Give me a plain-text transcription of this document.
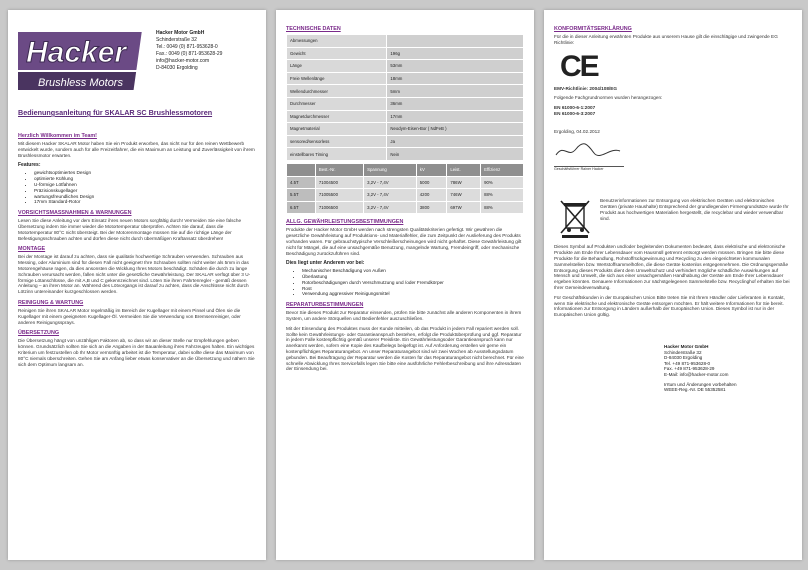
Hacker
Brushless Motors
Hacker Motor GmbH
Schinderstraße 32
Tel.: 0049 (0) 871-953628-0
Fax.: 0049 (0) 871-953628-29
info@hacker-motor.com
D-84030 Ergolding
Bedienungsanleitung für SKALAR SC Brushlessmotoren
Herzlich Willkommen im Team!
Mit diesem Hacker SKALAR Motor haben Sie ein Produkt erworben, das nicht nur für den reinen Wettbewerb entwickelt wurde, sondern auch für alle Freizeitfahrer, die ein Maximum an Leistung und Zuverlässigkeit von ihrem Brushlessmotor erwarten.
Features:
• gewichtsoptimiertes Design
• optimierte Kühlung
• U-förmige Lötfahnen
• Präzisionskugellager
• wartungsfreundliches Design
• 17mm Standard-Rotor
VORSICHTSMASSNAHMEN & WARNUNGEN
Lesen Sie diese Anleitung vor dem Einsatz ihres neuen Motors sorgfältig durch! Vermeiden Sie eine falsche Übersetzung indem Sie immer wieder die Motortemperatur überprüfen. Achten Sie darauf, dass die Motortemperatur 80°C nicht übersteigt. Bei der Motorenmontage müssen Sie auf die richtige Länge der Befestigungsschrauben achten und dürfen diese nicht durch übermäßigen Kraftansatz überdrehen!
MONTAGE
Bei der Montage ist darauf zu achten, dass sie qualitativ hochwertige Schrauben verwenden. Schrauben aus Messing, oder Aluminium sind für diesen Fall nicht geeignet! Ihre Schrauben sollten nicht weiter als 5mm in das Motorengehäuse ragen, da dies ansonsten die Wicklung Ihres Motors beschädigt. Schäden die durch zu lange Schrauben verursacht werden, fallen nicht unter die gesetzliche Gewährleistung. Der SKALAR verfügt über 3 U-förmige Lötanschlüsse, die mit A,B und C gekennzeichnet sind. Löten Sie ihren Fahrtenregler - gemäß dessen Anleitung – an ihren Motor an. Während des Lötvorgangs ist darauf zu achten, dass die Anschlüsse nicht durch Lötzinn untereinander kurzgeschlossen werden.
REINIGUNG & WARTUNG
Reinigen Sie ihren SKALAR Motor regelmäßig im Bereich der Kugellager mit einem Pinsel und Ölen sie die Kugellager mit einem geeigneten Kugellager-Öl. Vermeiden Sie die Verwendung von Bremsenreiniger, oder anderen Reinigungssprays.
ÜBERSETZUNG
Die Übersetzung hängt von unzähligen Faktoren ab, so dass wir an dieser Stelle nur Empfehlungen geben können. Grundsätzlich sollten Sie sich an die Angaben in der Bauanleitung ihres Fahrzeuges halten. Ein wichtiges Kriterium um festzustellen ob Ihr Motor vernünftig arbeitet ist die Temperatur, dabei sollte diese das Maximum von 80°C niemals überschreiten. Gehen Sie am Anfang lieber etwas konservativer an die Übersetzung und nähern Sie sich dem Optimum langsam an.
TECHNISCHE DATEN
Abmessungen	
Gewicht	196g
Länge	53mm
Freie Wellenlänge	18mm
Wellendurchmesser	5mm
Durchmesser	36mm
Magnetdurchmesser	17mm
Magnetmaterial	Neodym-Eisen-Bor ( NdFeB )
sensored/sensorless	Ja
einstellbares Timing	Nein
	Best.-Nr.	Spannung	kV	Leist.	Effizienz
4.5T	71004500	3,2V - 7,4V	5000	786W	90%
5.5T	71005500	3,2V - 7,4V	4200	746W	88%
6.5T	71006500	3,2V - 7,4V	3800	697W	88%
ALLG. GEWÄHRLEISTUNGSBESTIMMUNGEN
Produkte der Hacker Motor GmbH werden nach strengsten Qualitätskriterien gefertigt. Wir gewähren die gesetzliche Gewährleistung auf Produktions- und Materialfehler, die zum Zeitpunkt der Auslieferung des Produkts vorhanden waren. Für gebrauchstypische Verschleißerscheinungen wird nicht gehaftet. Diese Gewährleistung gilt nicht für Mängel, die auf eine unsachgemäße Benutzung, mangelnde Wartung, Fremdeingriff, oder mechanische Beschädigung zurückzuführen sind.
Dies liegt unter Anderem vor bei:
• Mechanischer Beschädigung von Außen
• Überlastung
• Rotorbeschädigungen durch Verschmutzung und /oder Fremdkörper
• Rost
• Verwendung aggressiver Reinigungsmittel
REPARATURBESTIMMUNGEN
Bevor Sie dieses Produkt zur Reparatur einsenden, prüfen Sie bitte zunächst alle anderen Komponenten in ihrem System, um andere Störquellen und Bedienfehler auszuschließen.
Mit der Einsendung des Produktes muss der Kunde mitteilen, ob das Produkt in jedem Fall repariert werden soll. Sollte kein Gewährleistungs- oder Garantieanspruch bestehen, erfolgt die Produktüberprüfung und ggf. Reparatur in jedem Falle kostenpflichtig gemäß unserer Preisliste. Ein Gewährleistungsoder Garantieanspruch kann nur anerkannt werden, sofern eine Kopie des Kaufbelegs beigefügt ist. Auf Anforderung erstellen wir gerne ein kostenpflichtiges Reparaturangebot. An unser Reparaturangebot sind wir zwei Wochen ab Ausstellungsdatum gebunden. Bei Beauftragung der Reparatur werden die Kosten für das Reparaturangebot nicht berechnet. Für eine schnelle Abwicklung Ihres Servicefalls legen Sie bitte eine ausführliche Fehlerbeschreibung und ihre Adressdaten der Einsendung bei.
KONFORMITÄTSERKLÄRUNG
Für die in dieser Anleitung erwähnten Produkte aus unserem Hause gilt die einschlägige und zwingende EG Richtlinie:
CE
EMV-Richtlinie: 2004/108/EG
Folgende Fachgrundnormen wurden herangezogen:
EN 61000-6-1:2007
EN 61000-6-3:2007
Ergolding, 04.02.2012
Geschäftsführer Rainer Hacker
Benutzerinformationen zur Entsorgung von elektrischen Geräten und elektronischen Geräten (private Haushalte) Entsprechend der grundlegenden Firmengrundsätze wurde Ihr Produkt aus hochwertigen Materialien hergestellt, die recyclebar und wieder verwendbar sind.
Dieses Symbol auf Produkten und/oder begleitenden Dokumenten bedeutet, dass elektrische und elektronische Produkte am Ende Ihrer Lebensdauer vom Hausmüll getrennt entsorgt werden müssen. Bringen Sie bitte diese Produkte für die Behandlung, Rohstoffrückgewinnung und Recycling zu den eingerichteten kommunalen Sammelstellen bzw. Wertstoffsammelhöfen, die diese Geräte kostenlos entgegennehmen. Die Ordnungsgemäße Entsorgung dieses Produkts dient dem Umweltschutz und verhindert mögliche schädliche Auswirkungen auf Mensch und Umwelt, die sich aus einer unsachgemäßen Handhabung der Geräte am Ende Ihrer Lebensdauer ergeben könnten. Genauere Informationen zur nächstgelegenen Sammelstelle bzw. Recyclinghof erhalten Sie bei Ihrer Gemeindeverwaltung.
Für Geschäftskunden in der Europäischen Union Bitte treten Sie mit Ihrem Händler oder Lieferanten in Kontakt, wenn Sie elektrische und elektronische Geräte entsorgen möchten. Er hält weitere Informationen für Sie bereit. Informationen zur Entsorgung in Ländern außerhalb der Europäischen Union. Dieses Symbol ist nur in der Europäischen Union gültig.
Hacker Motor GmbH
Schinderstraße 32
D-84030 Ergolding
Tel. +49 871-953628-0
Fax. +49 871-953628-29
E-Mail: info@hacker-motor.com
Irrtum und Änderungen vorbehalten
WEEE-Reg.-Nr. DE 55352581
